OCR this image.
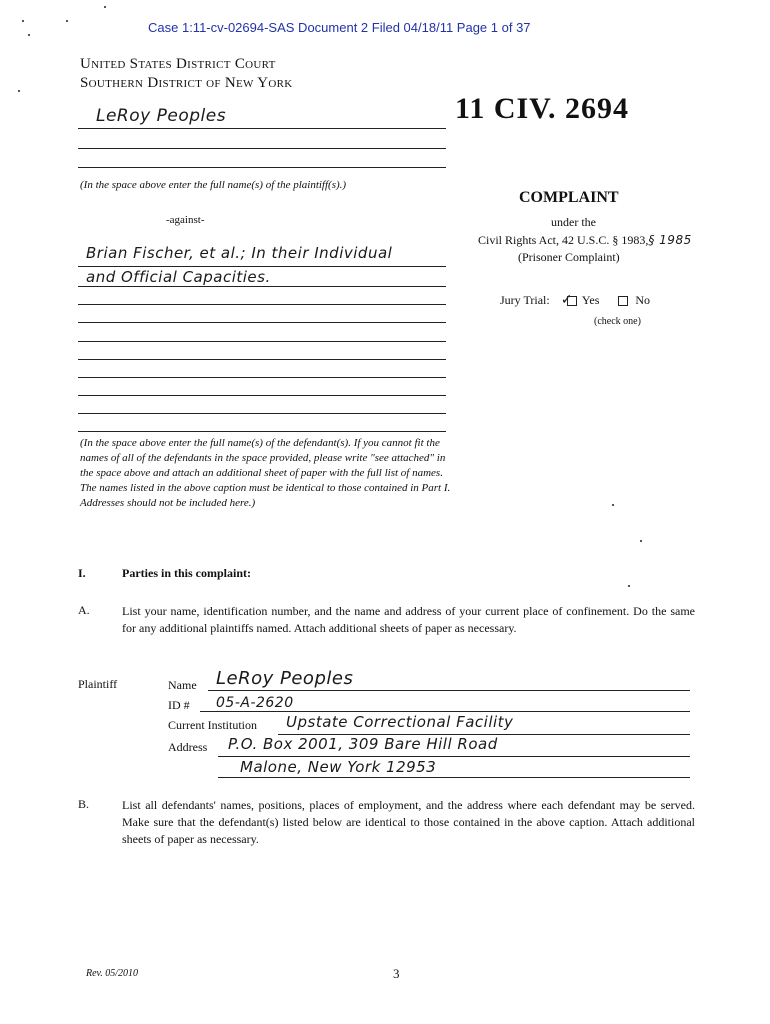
Case 1:11-cv-02694-SAS Document 2 Filed 04/18/11 Page 1 of 37
United States District Court
Southern District of New York
11 CIV. 2694
LeRoy Peoples
(In the space above enter the full name(s) of the plaintiff(s).)
COMPLAINT
under the
Civil Rights Act, 42 U.S.C. § 1983,§ 1985
(Prisoner Complaint)
-against-
Brian Fischer, et al.; In their Individual
and Official Capacities.
Jury Trial: ✓ Yes	No
(check one)
(In the space above enter the full name(s) of the defendant(s). If you cannot fit the names of all of the defendants in the space provided, please write "see attached" in the space above and attach an additional sheet of paper with the full list of names. The names listed in the above caption must be identical to those contained in Part I. Addresses should not be included here.)
I.	Parties in this complaint:
A.	List your name, identification number, and the name and address of your current place of confinement. Do the same for any additional plaintiffs named. Attach additional sheets of paper as necessary.
Plaintiff	Name LeRoy Peoples
ID # 05-A-2620
Current Institution Upstate Correctional Facility
Address P.O. Box 2001, 309 Bare Hill Road
Malone, New York 12953
B.	List all defendants' names, positions, places of employment, and the address where each defendant may be served. Make sure that the defendant(s) listed below are identical to those contained in the above caption. Attach additional sheets of paper as necessary.
Rev. 05/2010	3
